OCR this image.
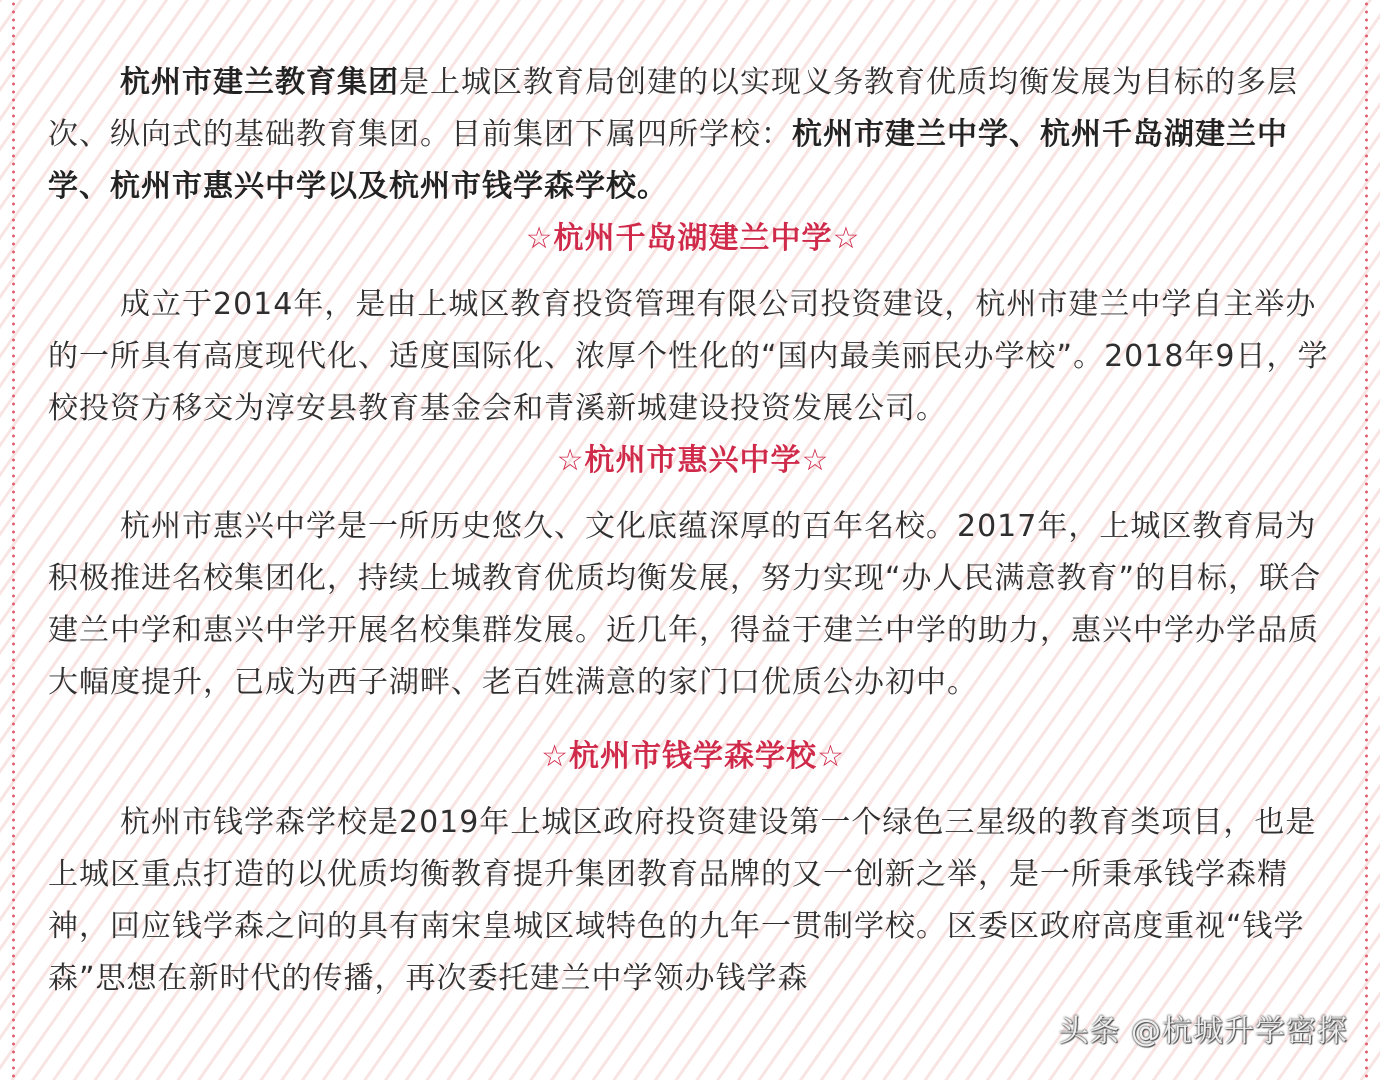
杭州市建兰教育集团是上城区教育局创建的以实现义务教育优质均衡发展为目标的多层次、纵向式的基础教育集团。目前集团下属四所学校：杭州市建兰中学、杭州千岛湖建兰中学、杭州市惠兴中学以及杭州市钱学森学校。

☆杭州千岛湖建兰中学☆

成立于2014年，是由上城区教育投资管理有限公司投资建设，杭州市建兰中学自主举办的一所具有高度现代化、适度国际化、浓厚个性化的“国内最美丽民办学校”。2018年9日，学校投资方移交为淳安县教育基金会和青溪新城建设投资发展公司。

☆杭州市惠兴中学☆

杭州市惠兴中学是一所历史悠久、文化底蕴深厚的百年名校。2017年，上城区教育局为积极推进名校集团化，持续上城教育优质均衡发展，努力实现“办人民满意教育”的目标，联合建兰中学和惠兴中学开展名校集群发展。近几年，得益于建兰中学的助力，惠兴中学办学品质大幅度提升，已成为西子湖畔、老百姓满意的家门口优质公办初中。

☆杭州市钱学森学校☆

杭州市钱学森学校是2019年上城区政府投资建设第一个绿色三星级的教育类项目，也是上城区重点打造的以优质均衡教育提升集团教育品牌的又一创新之举，是一所秉承钱学森精神，回应钱学森之问的具有南宋皇城区域特色的九年一贯制学校。区委区政府高度重视“钱学森”思想在新时代的传播，再次委托建兰中学领办钱学森

头条 @杭城升学密探
